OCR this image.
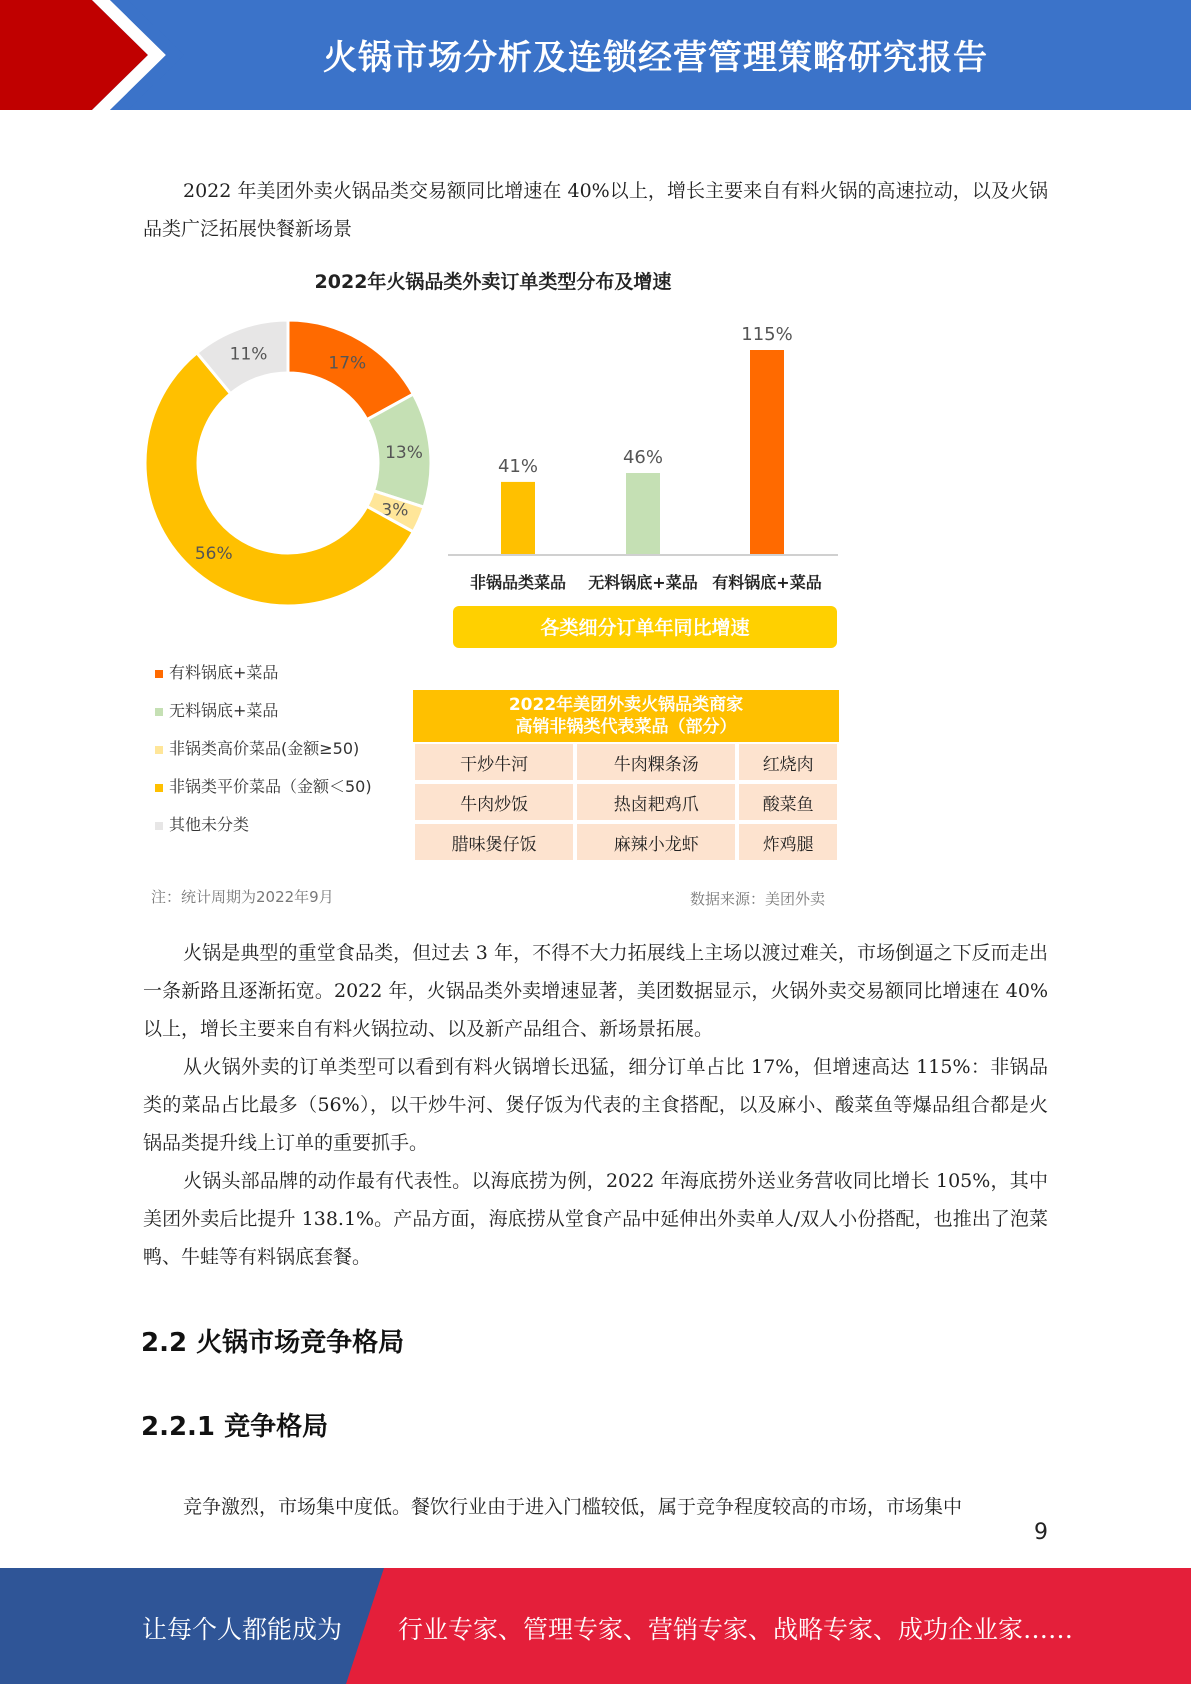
火锅市场分析及连锁经营管理策略研究报告

2022 年美团外卖火锅品类交易额同比增速在 40%以上，增长主要来自有料火锅的高速拉动，以及火锅品类广泛拓展快餐新场景

2022年火锅品类外卖订单类型分布及增速
17%
13%
3%
56%
11%
41%
非锅品类菜品
46%
无料锅底+菜品
115%
有料锅底+菜品
各类细分订单年同比增速
有料锅底+菜品
无料锅底+菜品
非锅类高价菜品(金额≥50)
非锅类平价菜品（金额＜50)
其他未分类
2022年美团外卖火锅品类商家
高销非锅类代表菜品（部分）		

干炒牛河	牛肉粿条汤	红烧肉
牛肉炒饭	热卤耙鸡爪	酸菜鱼
腊味煲仔饭	麻辣小龙虾	炸鸡腿
注：统计周期为2022年9月	数据来源：美团外卖

火锅是典型的重堂食品类，但过去 3 年，不得不大力拓展线上主场以渡过难关，市场倒逼之下反而走出一条新路且逐渐拓宽。2022 年，火锅品类外卖增速显著，美团数据显示，火锅外卖交易额同比增速在 40%以上，增长主要来自有料火锅拉动、以及新产品组合、新场景拓展。

从火锅外卖的订单类型可以看到有料火锅增长迅猛，细分订单占比 17%，但增速高达 115%：非锅品类的菜品占比最多（56%），以干炒牛河、煲仔饭为代表的主食搭配，以及麻小、酸菜鱼等爆品组合都是火锅品类提升线上订单的重要抓手。

火锅头部品牌的动作最有代表性。以海底捞为例，2022 年海底捞外送业务营收同比增长 105%，其中美团外卖后比提升 138.1%。产品方面，海底捞从堂食产品中延伸出外卖单人/双人小份搭配，也推出了泡菜鸭、牛蛙等有料锅底套餐。

2.2 火锅市场竞争格局
2.2.1 竞争格局

竞争激烈，市场集中度低。餐饮行业由于进入门槛较低，属于竞争程度较高的市场，市场集中

9
让每个人都能成为 行业专家、管理专家、营销专家、战略专家、成功企业家……
